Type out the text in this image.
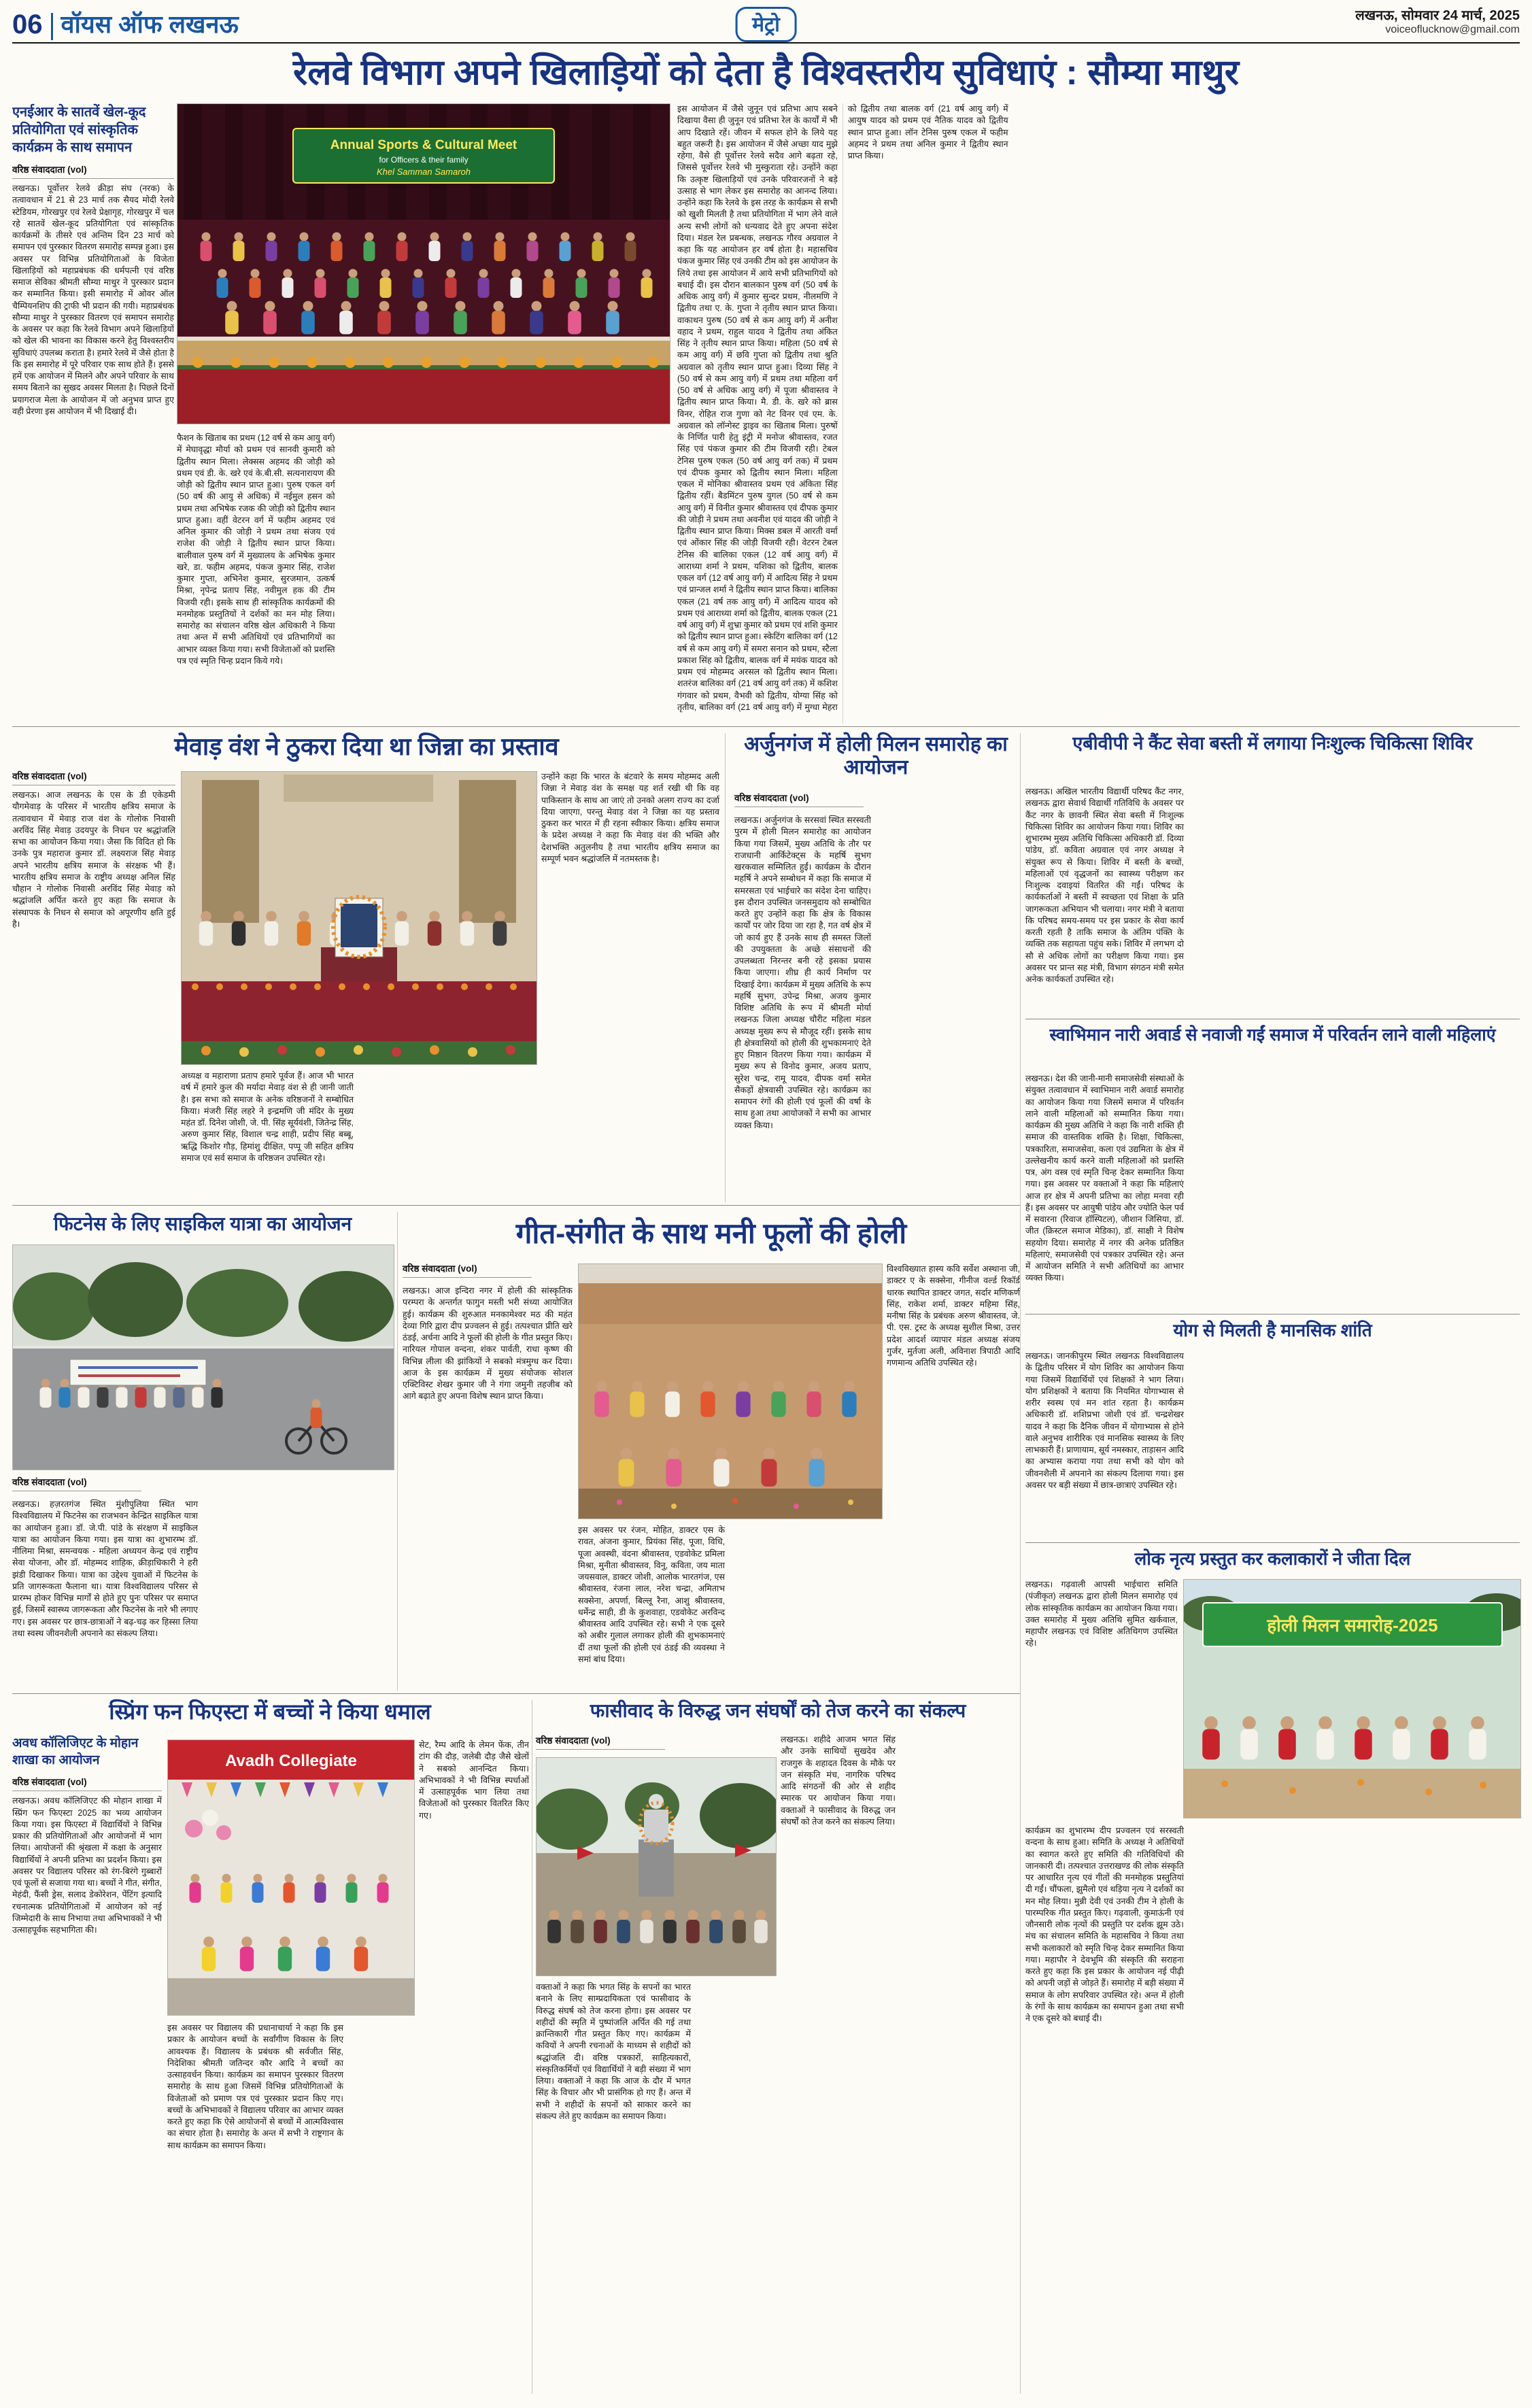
06 वॉयस ऑफ लखनऊ	मेट्रो	लखनऊ, सोमवार 24 मार्च, 2025
voiceoflucknow@gmail.com
रेलवे विभाग अपने खिलाड़ियों को देता है विश्वस्तरीय सुविधाएं : सौम्या माथुर
एनईआर के सातवें खेल-कूद प्रतियोगिता एवं सांस्कृतिक कार्यक्रम के साथ समापन
वरिष्ठ संवाददाता (vol)
लखनऊ। पूर्वोत्तर रेलवे क्रीड़ा संघ (नरक) के तत्वावधान में 21 से 23 मार्च तक सैयद मोदी रेलवे स्टेडियम, गोरखपुर एवं रेलवे प्रेक्षागृह, गोरखपुर में चल रहे सातवें खेल-कूद प्रतियोगिता एवं सांस्कृतिक कार्यक्रमों के तीसरे एवं अन्तिम दिन 23 मार्च को समापन एवं पुरस्कार वितरण समारोह सम्पन्न हुआ। इस अवसर पर विभिन्न प्रतियोगिताओं के विजेता खिलाड़ियों को महाप्रबंधक की धर्मपत्नी एवं वरिष्ठ समाज सेविका श्रीमती सौम्या माथुर ने पुरस्कार प्रदान कर सम्मानित किया। इसी समारोह में ओवर ऑल चैम्पियनशिप की ट्राफी भी प्रदान की गयी। महाप्रबंधक सौम्या माथुर ने पुरस्कार वितरण एवं समापन समारोह के अवसर पर कहा कि रेलवे विभाग अपने खिलाड़ियों को खेल की भावना का विकास करने हेतु विश्वस्तरीय सुविधाएं उपलब्ध कराता है। हमारे रेलवे में जैसे होता है कि इस समारोह में पूरे परिवार एक साथ होते हैं। इससे हमें एक आयोजन में मिलने और अपने परिवार के साथ समय बिताने का सुखद अवसर मिलता है। पिछले दिनों प्रयागराज मेला के आयोजन में जो अनुभव प्राप्त हुए वही प्रेरणा इस आयोजन में भी दिखाई दी।
Annual Sports & Cultural Meet
for Officers & their family
Khel Samman Samaroh
इस आयोजन में जैसे जुनून एवं प्रतिभा आप सबने दिखाया वैसा ही जुनून एवं प्रतिभा रेल के कार्यों में भी आप दिखाते रहें। जीवन में सफल होने के लिये यह बहुत जरूरी है। इस आयोजन में जैसे अच्छा याद मुझे रहेगा, वैसे ही पूर्वोत्तर रेलवे सदैव आगे बढ़ता रहे, जिससे पूर्वोत्तर रेलवे भी मुस्कुराता रहे। उन्होंने कहा कि उत्कृष्ट खिलाड़ियों एवं उनके परिवारजनों ने बड़े उत्साह से भाग लेकर इस समारोह का आनन्द लिया। उन्होंने कहा कि रेलवे के इस तरह के कार्यक्रम से सभी को खुशी मिलती है तथा प्रतियोगिता में भाग लेने वाले अन्य सभी लोगों को धन्यवाद देते हुए अपना संदेश दिया। मंडल रेल प्रबन्धक, लखनऊ गौरव अग्रवाल ने कहा कि यह आयोजन हर वर्ष होता है। महासचिव पंकज कुमार सिंह एवं उनकी टीम को इस आयोजन के लिये तथा इस आयोजन में आये सभी प्रतिभागियों को बधाई दी। इस दौरान बालकान पुरुष वर्ग (50 वर्ष के अधिक आयु वर्ग) में कुमार सुन्दर प्रथम, नीलमणि ने द्वितीय तथा ए. के. गुप्ता ने तृतीय स्थान प्राप्त किया। वाकाथन पुरुष (50 वर्ष से कम आयु वर्ग) में अनीश वहाद ने प्रथम, राहुल यादव ने द्वितीय तथा अंकित सिंह ने तृतीय स्थान प्राप्त किया। महिला (50 वर्ष से कम आयु वर्ग) में छवि गुप्ता को द्वितीय तथा श्रुति अग्रवाल को तृतीय स्थान प्राप्त हुआ। दिव्या सिंह ने (50 वर्ष से कम आयु वर्ग) में प्रथम तथा महिला वर्ग (50 वर्ष से अधिक आयु वर्ग) में पूजा श्रीवास्तव ने द्वितीय स्थान प्राप्त किया। मै. डी. के. खरे को ब्रास विनर, रोहित राज गुणा को नेट विनर एवं एम. के. अग्रवाल को लॉन्गेस्ट ड्राइव का खिताब मिला। पुरुषों के निर्णित पारी हेतु इंट्री में मनोज श्रीवास्तव, रजत सिंह एवं पंकज कुमार की टीम विजयी रही। टेबल टेनिस पुरुष एकल (50 वर्ष आयु वर्ग तक) में प्रथम एवं दीपक कुमार को द्वितीय स्थान मिला। महिला एकल में मोनिका श्रीवास्तव प्रथम एवं अंकिता सिंह द्वितीय रहीं। बैडमिंटन पुरुष युगल (50 वर्ष से कम आयु वर्ग) में विनीत कुमार श्रीवास्तव एवं दीपक कुमार की जोड़ी ने प्रथम तथा अवनीश एवं यादव की जोड़ी ने द्वितीय स्थान प्राप्त किया। मिक्स डबल में आरती वर्मा एवं ओंकार सिंह की जोड़ी विजयी रही। वेटरन टेबल टेनिस की बालिका एकल (12 वर्ष आयु वर्ग) में आराध्या शर्मा ने प्रथम, यशिका को द्वितीय, बालक एकल वर्ग (12 वर्ष आयु वर्ग) में आदित्य सिंह ने प्रथम एवं प्रान्जल शर्मा ने द्वितीय स्थान प्राप्त किया। बालिका एकल (21 वर्ष तक आयु वर्ग) में आदित्य यादव को प्रथम एवं आराध्या शर्मा को द्वितीय, बालक एकल (21 वर्ष आयु वर्ग) में शुभ्रा कुमार को प्रथम एवं शशि कुमार को द्वितीय स्थान प्राप्त हुआ। स्केटिंग बालिका वर्ग (12 वर्ष से कम आयु वर्ग) में समरा सनान को प्रथम, स्टैला प्रकाश सिंह को द्वितीय, बालक वर्ग में मयंक यादव को प्रथम एवं मोहम्मद अरसल को द्वितीय स्थान मिला। शतरंज बालिका वर्ग (21 वर्ष आयु वर्ग तक) में कशिश गंगवार को प्रथम, वैभवी को द्वितीय, योग्या सिंह को तृतीय, बालिका वर्ग (21 वर्ष आयु वर्ग) में मुग्धा मेहरा को द्वितीय तथा बालक वर्ग (21 वर्ष आयु वर्ग) में आयुष यादव को प्रथम एवं नैतिक यादव को द्वितीय स्थान प्राप्त हुआ। लॉन टेनिस पुरुष एकल में फहीम अहमद ने प्रथम तथा अनिल कुमार ने द्वितीय स्थान प्राप्त किया।
फैशन के खिताब का प्रथम (12 वर्ष से कम आयु वर्ग) में मेघावृद्धा मौर्या को प्रथम एवं सानवी कुमारी को द्वितीय स्थान मिला। लेक्सस अहमद की जोड़ी को प्रथम एवं डी. के. खरे एवं के.बी.सी. सत्यनारायण की जोड़ी को द्वितीय स्थान प्राप्त हुआ। पुरुष एकल वर्ग (50 वर्ष की आयु से अधिक) में नईमुल हसन को प्रथम तथा अभिषेक रजक की जोड़ी को द्वितीय स्थान प्राप्त हुआ। वहीं वेटरन वर्ग में फहीम अहमद एवं अनिल कुमार की जोड़ी ने प्रथम तथा संजय एवं राजेश की जोड़ी ने द्वितीय स्थान प्राप्त किया। बालीवाल पुरुष वर्ग में मुख्यालय के अभिषेक कुमार खरे, डा. फहीम अहमद, पंकज कुमार सिंह, राजेश कुमार गुप्ता, अभिनेश कुमार, सुरजमान, उत्कर्ष मिश्रा, नृपेन्द्र प्रताप सिंह, नवीमुल हक की टीम विजयी रही। इसके साथ ही सांस्कृतिक कार्यक्रमों की मनमोहक प्रस्तुतियों ने दर्शकों का मन मोह लिया। समारोह का संचालन वरिष्ठ खेल अधिकारी ने किया तथा अन्त में सभी अतिथियों एवं प्रतिभागियों का आभार व्यक्त किया गया। सभी विजेताओं को प्रशस्ति पत्र एवं स्मृति चिन्ह प्रदान किये गये।
मेवाड़ वंश ने ठुकरा दिया था जिन्ना का प्रस्ताव
वरिष्ठ संवाददाता (vol)
लखनऊ। आज लखनऊ के एस के डी एकेडमी यौगमेवाड़ के परिसर में भारतीय क्षत्रिय समाज के तत्वावधान में मेवाड़ राज वंश के गोलोक निवासी अरविंद सिंह मेवाड़ उदयपुर के निधन पर श्रद्धांजलि सभा का आयोजन किया गया। जैसा कि विदित हो कि उनके पुत्र महाराज कुमार डॉ. लक्ष्यराज सिंह मेवाड़ अपने भारतीय क्षत्रिय समाज के संरक्षक भी हैं। भारतीय क्षत्रिय समाज के राष्ट्रीय अध्यक्ष अनिल सिंह चौहान ने गोलोक निवासी अरविंद सिंह मेवाड़ को श्रद्धांजलि अर्पित करते हुए कहा कि समाज के संस्थापक के निधन से समाज को अपूरणीय क्षति हुई है।
उन्होंने कहा कि भारत के बंटवारे के समय मोहम्मद अली जिन्ना ने मेवाड़ वंश के समक्ष यह शर्त रखी थी कि वह पाकिस्तान के साथ आ जाएं तो उनको अलग राज्य का दर्जा दिया जाएगा, परन्तु मेवाड़ वंश ने जिन्ना का यह प्रस्ताव ठुकरा कर भारत में ही रहना स्वीकार किया। क्षत्रिय समाज के प्रदेश अध्यक्ष ने कहा कि मेवाड़ वंश की भक्ति और देशभक्ति अतुलनीय है तथा भारतीय क्षत्रिय समाज का सम्पूर्ण भवन श्रद्धांजलि में नतमस्तक है।
अध्यक्ष व महाराणा प्रताप हमारे पूर्वज हैं। आज भी भारत वर्ष में हमारे कुल की मर्यादा मेवाड़ वंश से ही जानी जाती है। इस सभा को समाज के अनेक वरिष्ठजनों ने सम्बोधित किया। मंजरी सिंह लहरे ने इन्द्रमणि जी मंदिर के मुख्य महंत डॉ. दिनेश जोशी, जे. पी. सिंह सूर्यवंशी, जितेन्द्र सिंह, अरुण कुमार सिंह, विशाल चन्द्र शाही, प्रदीप सिंह बब्बू, ऋद्धि किशोर गौड़, हिमांशु दीक्षित, पप्पू जी सहित क्षत्रिय समाज एवं सर्व समाज के वरिष्ठजन उपस्थित रहे।
अर्जुनगंज में होली मिलन समारोह का आयोजन
वरिष्ठ संवाददाता (vol)
लखनऊ। अर्जुनगंज के सरसवां स्थित सरस्वती पुरम में होली मिलन समारोह का आयोजन किया गया जिसमें, मुख्य अतिथि के तौर पर राजधानी आर्किटेक्ट्स के महर्षि सुभग खरकवाल सम्मिलित हुईं। कार्यक्रम के दौरान महर्षि ने अपने सम्बोधन में कहा कि समाज में समरसता एवं भाईचारे का संदेश देना चाहिए। इस दौरान उपस्थित जनसमुदाय को सम्बोधित करते हुए उन्होंने कहा कि क्षेत्र के विकास कार्यों पर जोर दिया जा रहा है, गत वर्ष क्षेत्र में जो कार्य हुए हैं उनके साथ ही समस्त जिलों की उपयुक्तता के अच्छे संसाधनों की उपलब्धता निरन्तर बनी रहे इसका प्रयास किया जाएगा। शीघ्र ही कार्य निर्माण पर दिखाई देगा। कार्यक्रम में मुख्य अतिथि के रूप महर्षि सुभग, उपेन्द्र मिश्रा, अजय कुमार विशिष्ट अतिथि के रूप में श्रीमती मोर्या लखनऊ जिला अध्यक्ष चौरीट महिला मंडल अध्यक्ष मुख्य रूप से मौजूद रहीं। इसके साथ ही क्षेत्रवासियों को होली की शुभकामनाएं देते हुए मिष्ठान वितरण किया गया। कार्यक्रम में मुख्य रूप से विनोद कुमार, अजय प्रताप, सुरेश चन्द्र, रामू यादव, दीपक वर्मा समेत सैकड़ों क्षेत्रवासी उपस्थित रहे। कार्यक्रम का समापन रंगों की होली एवं फूलों की वर्षा के साथ हुआ तथा आयोजकों ने सभी का आभार व्यक्त किया।
एबीवीपी ने कैंट सेवा बस्ती में लगाया निःशुल्क चिकित्सा शिविर
लखनऊ। अखिल भारतीय विद्यार्थी परिषद कैंट नगर, लखनऊ द्वारा सेवार्थ विद्यार्थी गतिविधि के अवसर पर कैंट नगर के छावनी स्थित सेवा बस्ती में निःशुल्क चिकित्सा शिविर का आयोजन किया गया। शिविर का शुभारम्भ मुख्य अतिथि चिकित्सा अधिकारी डॉ. दिव्या पांडेय, डॉ. कविता अग्रवाल एवं नगर अध्यक्ष ने संयुक्त रूप से किया। शिविर में बस्ती के बच्चों, महिलाओं एवं वृद्धजनों का स्वास्थ्य परीक्षण कर निःशुल्क दवाइयां वितरित की गईं। परिषद के कार्यकर्ताओं ने बस्ती में स्वच्छता एवं शिक्षा के प्रति जागरूकता अभियान भी चलाया। नगर मंत्री ने बताया कि परिषद समय-समय पर इस प्रकार के सेवा कार्य करती रहती है ताकि समाज के अंतिम पंक्ति के व्यक्ति तक सहायता पहुंच सके। शिविर में लगभग दो सौ से अधिक लोगों का परीक्षण किया गया। इस अवसर पर प्रान्त सह मंत्री, विभाग संगठन मंत्री समेत अनेक कार्यकर्ता उपस्थित रहे।
स्वाभिमान नारी अवार्ड से नवाजी गईं समाज में परिवर्तन लाने वाली महिलाएं
लखनऊ। देश की जानी-मानी समाजसेवी संस्थाओं के संयुक्त तत्वावधान में स्वाभिमान नारी अवार्ड समारोह का आयोजन किया गया जिसमें समाज में परिवर्तन लाने वाली महिलाओं को सम्मानित किया गया। कार्यक्रम की मुख्य अतिथि ने कहा कि नारी शक्ति ही समाज की वास्तविक शक्ति है। शिक्षा, चिकित्सा, पत्रकारिता, समाजसेवा, कला एवं उद्यमिता के क्षेत्र में उल्लेखनीय कार्य करने वाली महिलाओं को प्रशस्ति पत्र, अंग वस्त्र एवं स्मृति चिन्ह देकर सम्मानित किया गया। इस अवसर पर वक्ताओं ने कहा कि महिलाएं आज हर क्षेत्र में अपनी प्रतिभा का लोहा मनवा रही हैं। इस अवसर पर आयुषी पांडेय और ज्योति फेल पर्व में सवारना (रिवाज हॉस्पिटल), जीशान जिसिया, डॉ. जीत (क्रिस्टल समाज मेडिका), डॉ. साक्षी ने विशेष सहयोग दिया। समारोह में नगर की अनेक प्रतिष्ठित महिलाएं, समाजसेवी एवं पत्रकार उपस्थित रहे। अन्त में आयोजन समिति ने सभी अतिथियों का आभार व्यक्त किया।
योग से मिलती है मानसिक शांति
लखनऊ। जानकीपुरम स्थित लखनऊ विश्वविद्यालय के द्वितीय परिसर में योग शिविर का आयोजन किया गया जिसमें विद्यार्थियों एवं शिक्षकों ने भाग लिया। योग प्रशिक्षकों ने बताया कि नियमित योगाभ्यास से शरीर स्वस्थ एवं मन शांत रहता है। कार्यक्रम अधिकारी डॉ. शशिप्रभा जोशी एवं डॉ. चन्द्रशेखर यादव ने कहा कि दैनिक जीवन में योगाभ्यास से होने वाले अनुभव शारीरिक एवं मानसिक स्वास्थ्य के लिए लाभकारी हैं। प्राणायाम, सूर्य नमस्कार, ताड़ासन आदि का अभ्यास कराया गया तथा सभी को योग को जीवनशैली में अपनाने का संकल्प दिलाया गया। इस अवसर पर बड़ी संख्या में छात्र-छात्राएं उपस्थित रहे।
लोक नृत्य प्रस्तुत कर कलाकारों ने जीता दिल
लखनऊ। गढ़वाली आपसी भाईचारा समिति (पंजीकृत) लखनऊ द्वारा होली मिलन समारोह एवं लोक सांस्कृतिक कार्यक्रम का आयोजन किया गया। उक्त समारोह में मुख्य अतिथि सुमित खर्कवाल, महापौर लखनऊ एवं विशिष्ट अतिथिगण उपस्थित रहे।
होली मिलन समारोह-2025
कार्यक्रम का शुभारम्भ दीप प्रज्वलन एवं सरस्वती वन्दना के साथ हुआ। समिति के अध्यक्ष ने अतिथियों का स्वागत करते हुए समिति की गतिविधियों की जानकारी दी। तत्पश्चात उत्तराखण्ड की लोक संस्कृति पर आधारित नृत्य एवं गीतों की मनमोहक प्रस्तुतियां दी गईं। चौंफला, झुमैलो एवं थड़िया नृत्य ने दर्शकों का मन मोह लिया। मुन्नी देवी एवं उनकी टीम ने होली के पारम्परिक गीत प्रस्तुत किए। गढ़वाली, कुमाऊंनी एवं जौनसारी लोक नृत्यों की प्रस्तुति पर दर्शक झूम उठे। मंच का संचालन समिति के महासचिव ने किया तथा सभी कलाकारों को स्मृति चिन्ह देकर सम्मानित किया गया। महापौर ने देवभूमि की संस्कृति की सराहना करते हुए कहा कि इस प्रकार के आयोजन नई पीढ़ी को अपनी जड़ों से जोड़ते हैं। समारोह में बड़ी संख्या में समाज के लोग सपरिवार उपस्थित रहे। अन्त में होली के रंगों के साथ कार्यक्रम का समापन हुआ तथा सभी ने एक दूसरे को बधाई दी।
फिटनेस के लिए साइकिल यात्रा का आयोजन
वरिष्ठ संवाददाता (vol)
लखनऊ। हज़रतगंज स्थित मुंशीपुलिया स्थित भाग विश्वविद्यालय में फिटनेस का राजभवन केन्द्रित साइकिल यात्रा का आयोजन हुआ। डॉ. जे.पी. पांडे के संरक्षण में साइकिल यात्रा का आयोजन किया गया। इस यात्रा का शुभारम्भ डॉ. नीलिमा मिश्रा, समन्वयक - महिला अध्ययन केन्द्र एवं राष्ट्रीय सेवा योजना, और डॉ. मोहम्मद शाहिक, क्रीड़ाधिकारी ने हरी झंडी दिखाकर किया। यात्रा का उद्देश्य युवाओं में फिटनेस के प्रति जागरूकता फैलाना था। यात्रा विश्वविद्यालय परिसर से प्रारम्भ होकर विभिन्न मार्गों से होते हुए पुनः परिसर पर समाप्त हुई, जिसमें स्वास्थ्य जागरूकता और फिटनेस के नारे भी लगाए गए। इस अवसर पर छात्र-छात्राओं ने बढ़-चढ़ कर हिस्सा लिया तथा स्वस्थ जीवनशैली अपनाने का संकल्प लिया।
गीत-संगीत के साथ मनी फूलों की होली
वरिष्ठ संवाददाता (vol)
लखनऊ। आज इन्दिरा नगर में होली की सांस्कृतिक परम्परा के अन्तर्गत फागुन मस्ती भरी संध्या आयोजित हुई। कार्यक्रम की शुरुआत मनकामेश्वर मठ की महंत देव्या गिरि द्वारा दीप प्रज्वलन से हुई। तत्पश्चात प्रीति खरे ठंडई, अर्चना आदि ने फूलों की होली के गीत प्रस्तुत किए। नारियल गोपाल वन्दना, शंकर पार्वती, राधा कृष्ण की विभिन्न लीला की झांकियों ने सबको मंत्रमुग्ध कर दिया। आज के इस कार्यक्रम में मुख्य संयोजक सोशल एक्टिविस्ट शेखर कुमार जी ने गंगा जमुनी तहजीब को आगे बढ़ाते हुए अपना विशेष स्थान प्राप्त किया।
विश्वविख्यात हास्य कवि सर्वेश अस्थाना जी, डाक्टर ए के सक्सेना, गीनीज वर्ल्ड रिकॉर्ड धारक स्थापित डाक्टर जगत, सर्दार मणिकर्ण सिंह, राकेश शर्मा, डाक्टर महिमा सिंह, मनीषा सिंह के प्रबंधक अरुण श्रीवास्तव, जे. पी. एस. ट्रस्ट के अध्यक्ष सुशील मिश्रा, उत्तर प्रदेश आदर्श व्यापार मंडल अध्यक्ष संजय गुर्जर, मुर्तजा अली, अविनाश त्रिपाठी आदि गणमान्य अतिथि उपस्थित रहे।
इस अवसर पर रंजन, मोहित, डाक्टर एस के रावत, अंजना कुमार, प्रियंका सिंह, पूजा, विधि, पूजा अवस्थी, वंदना श्रीवास्तव, एडवोकेट प्रमिला मिश्रा, मुनीता श्रीवास्तव, विनु, कविता, जय माता जयसवाल, डाक्टर जोशी, आलोक भारतगंज, एस श्रीवास्तव, रंजना लाल, नरेश चन्द्रा, अमिताभ सक्सेना, अपर्णा, बिल्लू रैना, आशु श्रीवास्तव, धर्मेन्द्र साही, डी के कुशवाहा, एडवोकेट अरविन्द श्रीवास्तव आदि उपस्थित रहे। सभी ने एक दूसरे को अबीर गुलाल लगाकर होली की शुभकामनाएं दीं तथा फूलों की होली एवं ठंडई की व्यवस्था ने समां बांध दिया।
स्प्रिंग फन फिएस्टा में बच्चों ने किया धमाल
अवध कॉलिजिएट के मोहान शाखा का आयोजन
वरिष्ठ संवाददाता (vol)
लखनऊ। अवध कॉलिजिएट की मोहान शाखा में स्प्रिंग फन फिएस्टा 2025 का भव्य आयोजन किया गया। इस फिएस्टा में विद्यार्थियों ने विभिन्न प्रकार की प्रतियोगिताओं और आयोजनों में भाग लिया। आयोजनों की श्रृंखला में कक्षा के अनुसार विद्यार्थियों ने अपनी प्रतिभा का प्रदर्शन किया। इस अवसर पर विद्यालय परिसर को रंग-बिरंगे गुब्बारों एवं फूलों से सजाया गया था। बच्चों ने गीत, संगीत, मेहंदी, फैंसी ड्रेस, सलाद डेकोरेशन, पेंटिंग इत्यादि रचनात्मक प्रतियोगिताओं में आयोजन को नई जिम्मेदारी के साथ निभाया तथा अभिभावकों ने भी उत्साहपूर्वक सहभागिता की।
Avadh Collegiate
सेट, रैम्प आदि के लेमन फेंक, तीन टांग की दौड़, जलेबी दौड़ जैसे खेलों ने सबको आनन्दित किया। अभिभावकों ने भी विभिन्न स्पर्धाओं में उत्साहपूर्वक भाग लिया तथा विजेताओं को पुरस्कार वितरित किए गए।
इस अवसर पर विद्यालय की प्रधानाचार्या ने कहा कि इस प्रकार के आयोजन बच्चों के सर्वांगीण विकास के लिए आवश्यक हैं। विद्यालय के प्रबंधक श्री सर्वजीत सिंह, निदेशिका श्रीमती जतिन्दर कौर आदि ने बच्चों का उत्साहवर्धन किया। कार्यक्रम का समापन पुरस्कार वितरण समारोह के साथ हुआ जिसमें विभिन्न प्रतियोगिताओं के विजेताओं को प्रमाण पत्र एवं पुरस्कार प्रदान किए गए। बच्चों के अभिभावकों ने विद्यालय परिवार का आभार व्यक्त करते हुए कहा कि ऐसे आयोजनों से बच्चों में आत्मविश्वास का संचार होता है। समारोह के अन्त में सभी ने राष्ट्रगान के साथ कार्यक्रम का समापन किया।
फासीवाद के विरुद्ध जन संघर्षों को तेज करने का संकल्प
वरिष्ठ संवाददाता (vol)	लखनऊ। शहीदे आजम भगत सिंह और उनके साथियों सुखदेव और राजगुरु के शहादत दिवस के मौके पर जन संस्कृति मंच, नागरिक परिषद आदि संगठनों की ओर से शहीद स्मारक पर आयोजन किया गया। वक्ताओं ने फासीवाद के विरुद्ध जन संघर्षों को तेज करने का संकल्प लिया।
वक्ताओं ने कहा कि भगत सिंह के सपनों का भारत बनाने के लिए साम्प्रदायिकता एवं फासीवाद के विरुद्ध संघर्ष को तेज करना होगा। इस अवसर पर शहीदों की स्मृति में पुष्पांजलि अर्पित की गई तथा क्रान्तिकारी गीत प्रस्तुत किए गए। कार्यक्रम में कवियों ने अपनी रचनाओं के माध्यम से शहीदों को श्रद्धांजलि दी। वरिष्ठ पत्रकारों, साहित्यकारों, संस्कृतिकर्मियों एवं विद्यार्थियों ने बड़ी संख्या में भाग लिया। वक्ताओं ने कहा कि आज के दौर में भगत सिंह के विचार और भी प्रासंगिक हो गए हैं। अन्त में सभी ने शहीदों के सपनों को साकार करने का संकल्प लेते हुए कार्यक्रम का समापन किया।
